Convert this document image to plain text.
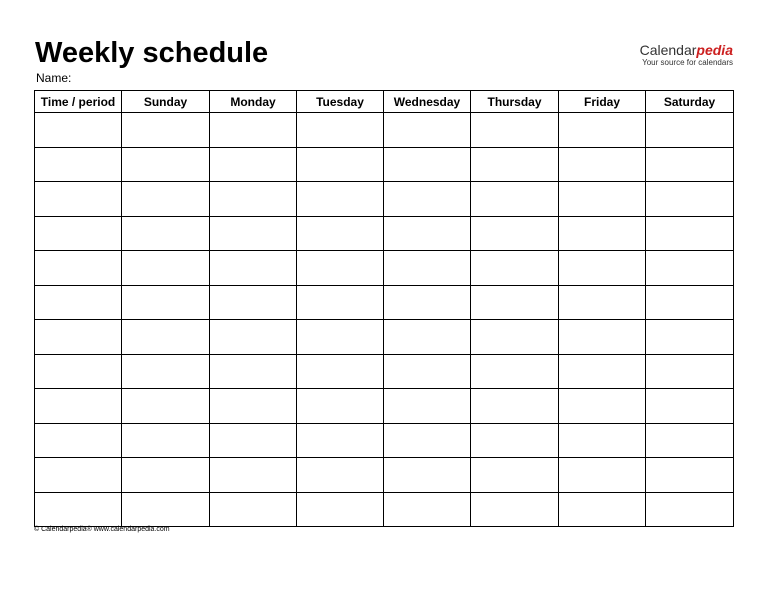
Weekly schedule
Name:
Calendarpedia
Your source for calendars
Time / period	Sunday	Monday	Tuesday	Wednesday	Thursday	Friday	Saturday

© Calendarpedia® www.calendarpedia.com
